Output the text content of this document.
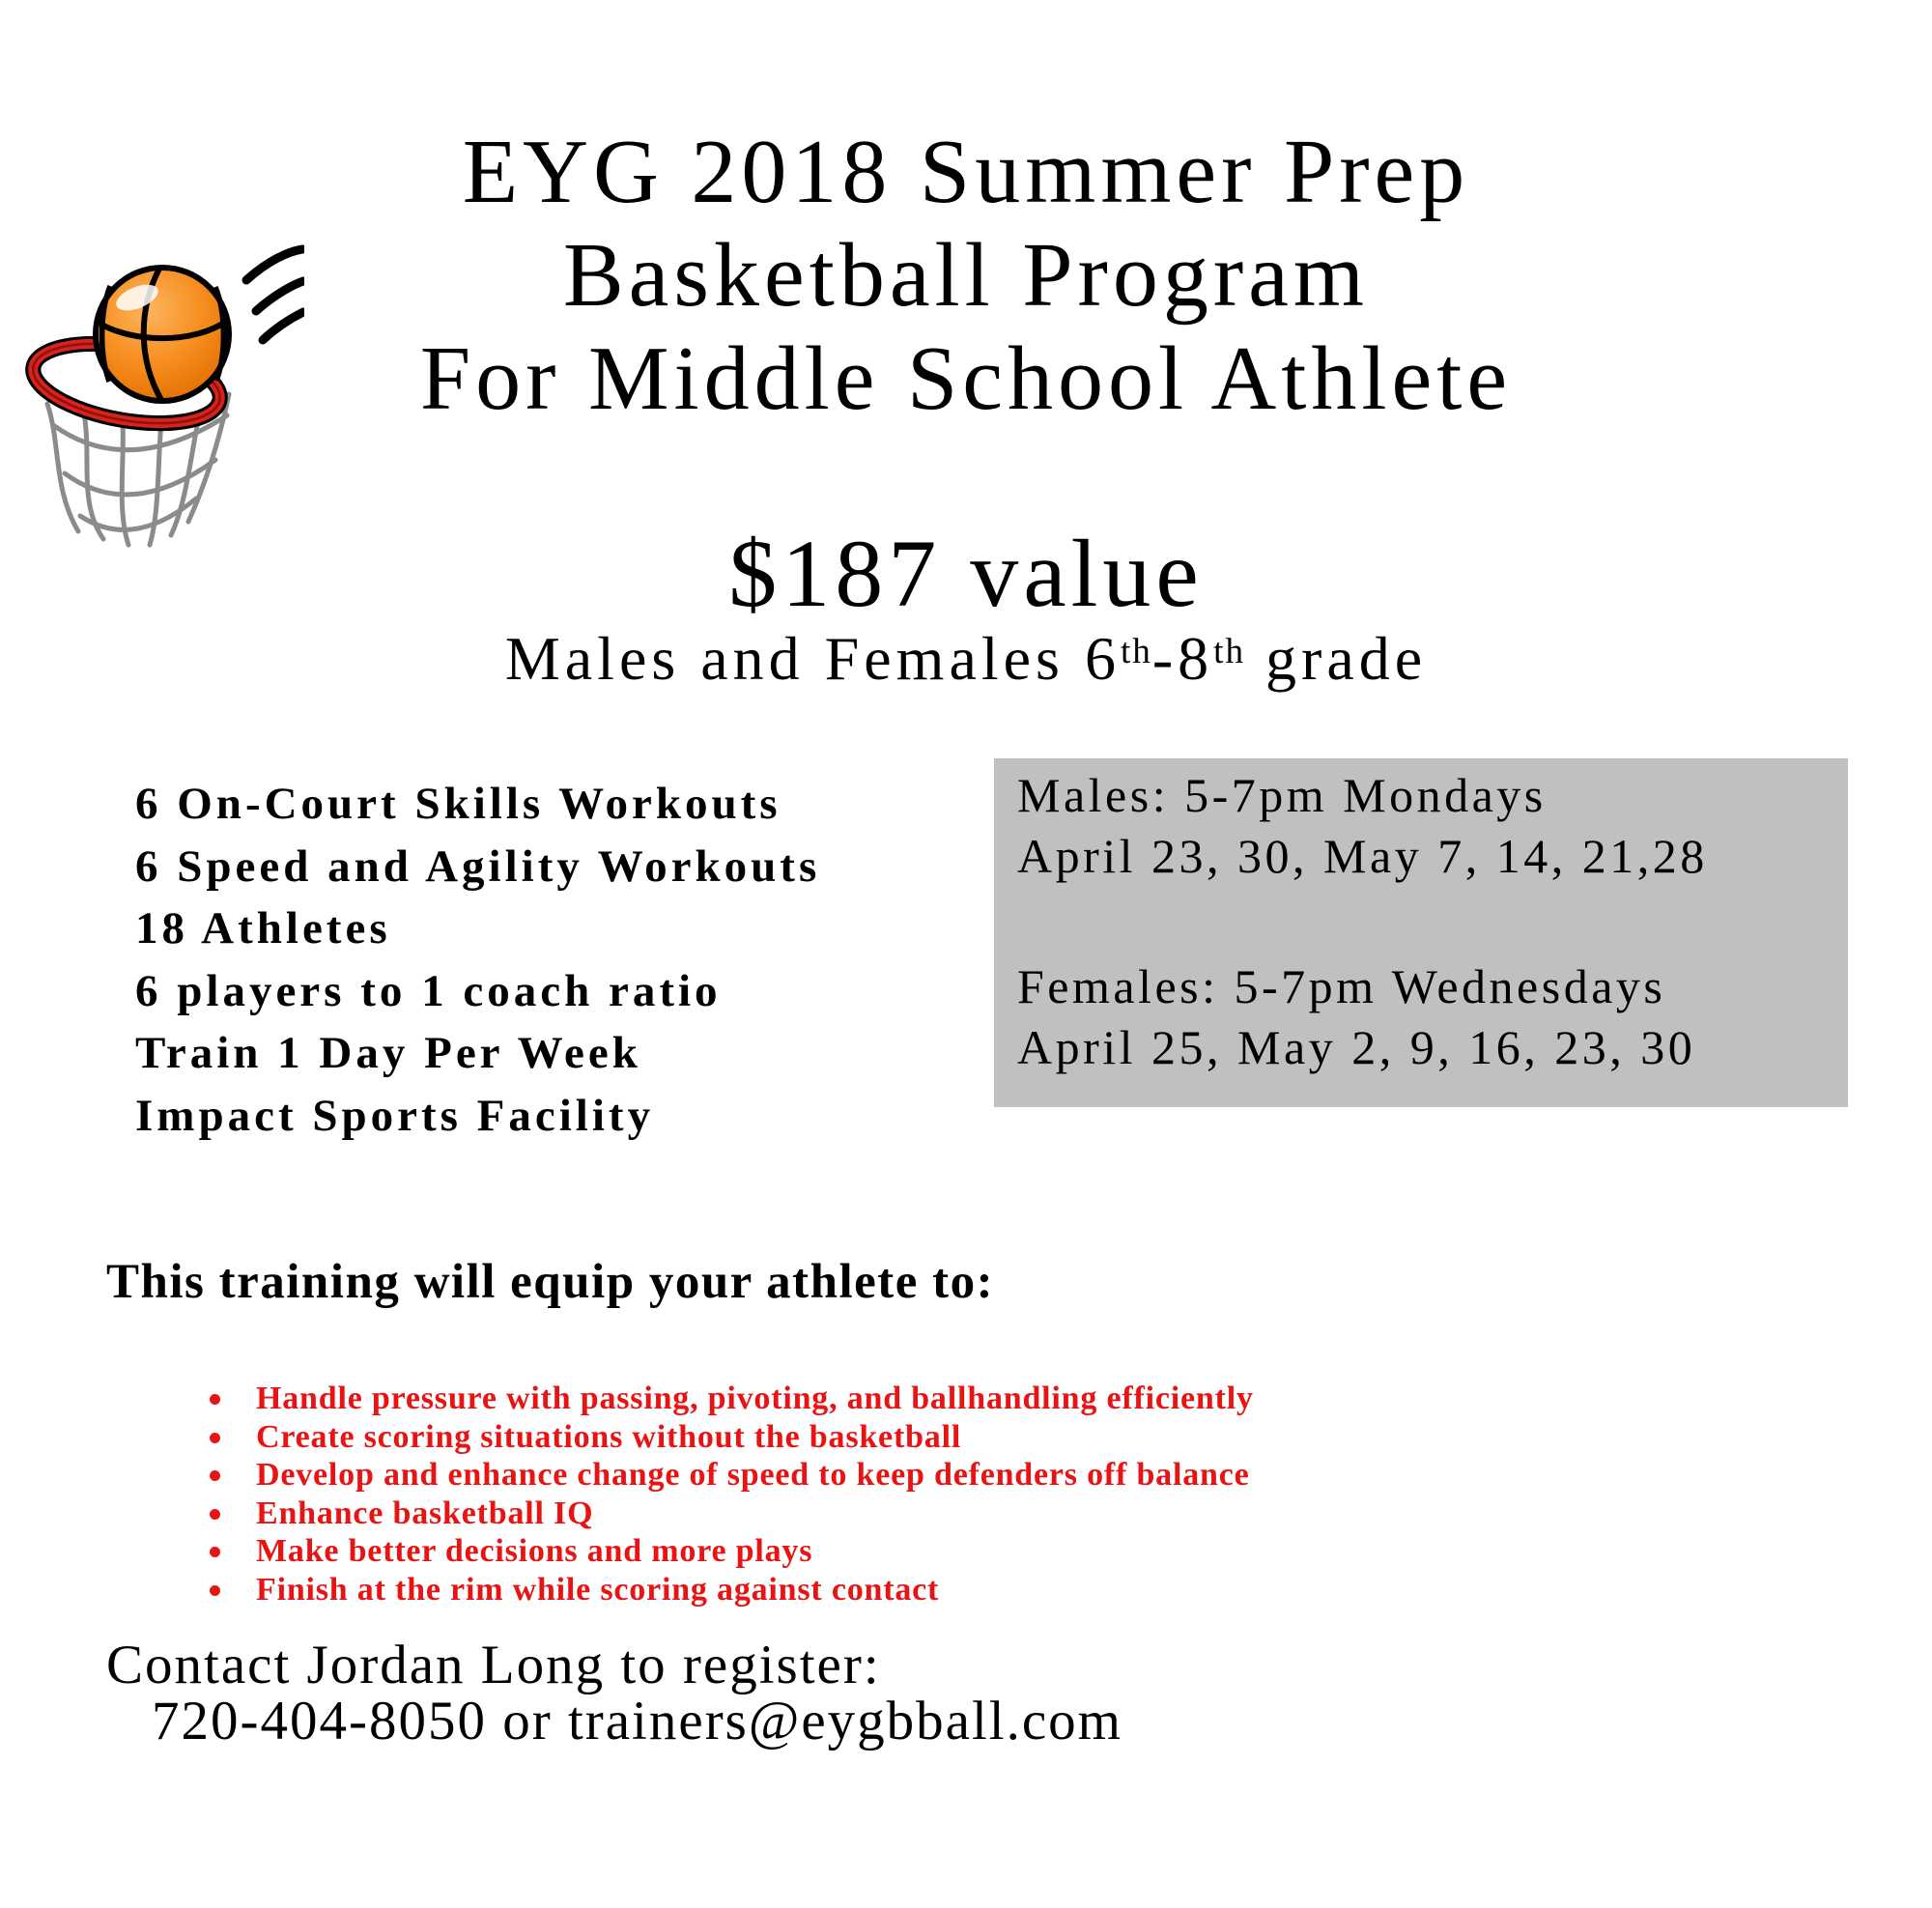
EYG 2018 Summer Prep
Basketball Program
For Middle School Athlete
$187 value
Males and Females 6th-8th grade
6 On-Court Skills Workouts
6 Speed and Agility Workouts
18 Athletes
6 players to 1 coach ratio
Train 1 Day Per Week
Impact Sports Facility
Males: 5-7pm Mondays
April 23, 30, May 7, 14, 21,28
Females: 5-7pm Wednesdays
April 25, May 2, 9, 16, 23, 30
This training will equip your athlete to:
Handle pressure with passing, pivoting, and ballhandling efficiently
Create scoring situations without the basketball
Develop and enhance change of speed to keep defenders off balance
Enhance basketball IQ
Make better decisions and more plays
Finish at the rim while scoring against contact
Contact Jordan Long to register:
720-404-8050 or trainers@eygbball.com
